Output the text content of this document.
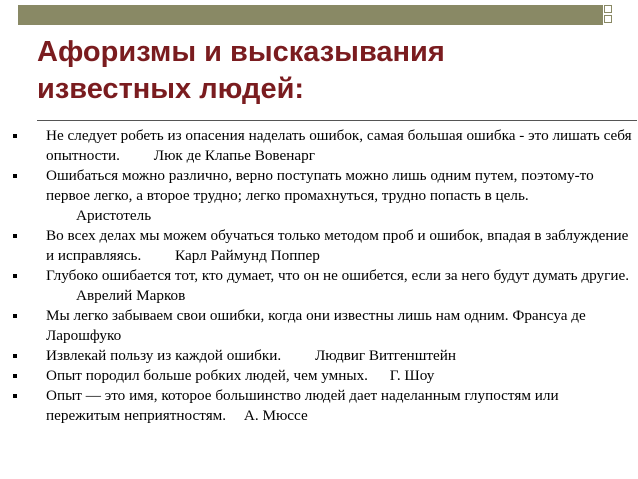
Афоризмы и высказывания
известных людей:
Не следует робеть из опасения наделать ошибок, самая большая ошибка - это лишать себя опытности. Люк де Клапье Вовенарг
Ошибаться можно различно, верно поступать можно лишь одним путем, поэтому-то первое легко, а второе трудно; легко промахнуться, трудно попасть в цель. Аристотель
Во всех делах мы можем обучаться только методом проб и ошибок, впадая в заблуждение и исправляясь. Карл Раймунд Поппер
Глубоко ошибается тот, кто думает, что он не ошибется, если за него будут думать другие. Аврелий Марков
Мы легко забываем свои ошибки, когда они известны лишь нам одним. Франсуа де Ларошфуко
Извлекай пользу из каждой ошибки. Людвиг Витгенштейн
Опыт породил больше робких людей, чем умных. Г. Шоу
Опыт — это имя, которое большинство людей дает наделанным глупостям или пережитым неприятностям. А. Мюссе
